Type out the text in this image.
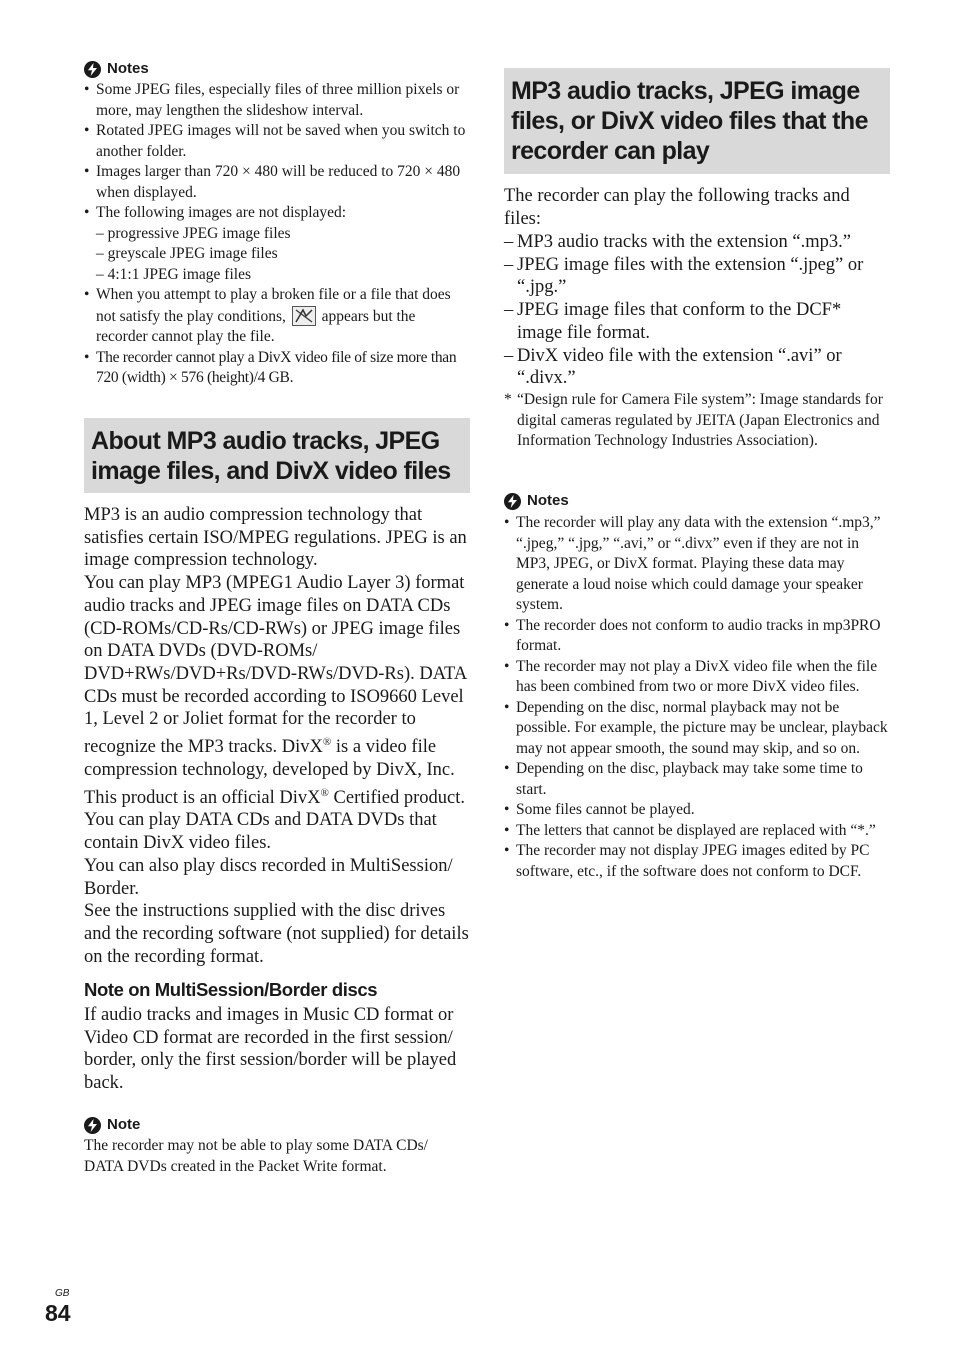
Notes
• Some JPEG files, especially files of three million pixels or more, may lengthen the slideshow interval.
• Rotated JPEG images will not be saved when you switch to another folder.
• Images larger than 720 × 480 will be reduced to 720 × 480 when displayed.
• The following images are not displayed:
– progressive JPEG image files
– greyscale JPEG image files
– 4:1:1 JPEG image files
• When you attempt to play a broken file or a file that does not satisfy the play conditions, appears but the recorder cannot play the file.
• The recorder cannot play a DivX video file of size more than 720 (width) × 576 (height)/4 GB.
About MP3 audio tracks, JPEG image files, and DivX video files

MP3 is an audio compression technology that satisfies certain ISO/MPEG regulations. JPEG is an image compression technology.

You can play MP3 (MPEG1 Audio Layer 3) format audio tracks and JPEG image files on DATA CDs (CD-ROMs/CD-Rs/CD-RWs) or JPEG image files on DATA DVDs (DVD-ROMs/ DVD+RWs/DVD+Rs/DVD-RWs/DVD-Rs). DATA CDs must be recorded according to ISO9660 Level 1, Level 2 or Joliet format for the recorder to recognize the MP3 tracks. DivX® is a video file compression technology, developed by DivX, Inc. This product is an official DivX® Certified product. You can play DATA CDs and DATA DVDs that contain DivX video files.

You can also play discs recorded in MultiSession/ Border.

See the instructions supplied with the disc drives and the recording software (not supplied) for details on the recording format.

Note on MultiSession/Border discs
If audio tracks and images in Music CD format or Video CD format are recorded in the first session/ border, only the first session/border will be played back.
Note

The recorder may not be able to play some DATA CDs/ DATA DVDs created in the Packet Write format.

MP3 audio tracks, JPEG image files, or DivX video files that the recorder can play
The recorder can play the following tracks and files:
– MP3 audio tracks with the extension “.mp3.”
– JPEG image files with the extension “.jpeg” or “.jpg.”
– JPEG image files that conform to the DCF* image file format.
– DivX video file with the extension “.avi” or “.divx.”

* “Design rule for Camera File system”: Image standards for digital cameras regulated by JEITA (Japan Electronics and Information Technology Industries Association).

Notes
• The recorder will play any data with the extension “.mp3,” “.jpeg,” “.jpg,” “.avi,” or “.divx” even if they are not in MP3, JPEG, or DivX format. Playing these data may generate a loud noise which could damage your speaker system.
• The recorder does not conform to audio tracks in mp3PRO format.
• The recorder may not play a DivX video file when the file has been combined from two or more DivX video files.
• Depending on the disc, normal playback may not be possible. For example, the picture may be unclear, playback may not appear smooth, the sound may skip, and so on.
• Depending on the disc, playback may take some time to start.
• Some files cannot be played.
• The letters that cannot be displayed are replaced with “*.”
• The recorder may not display JPEG images edited by PC software, etc., if the software does not conform to DCF.
GB
84
